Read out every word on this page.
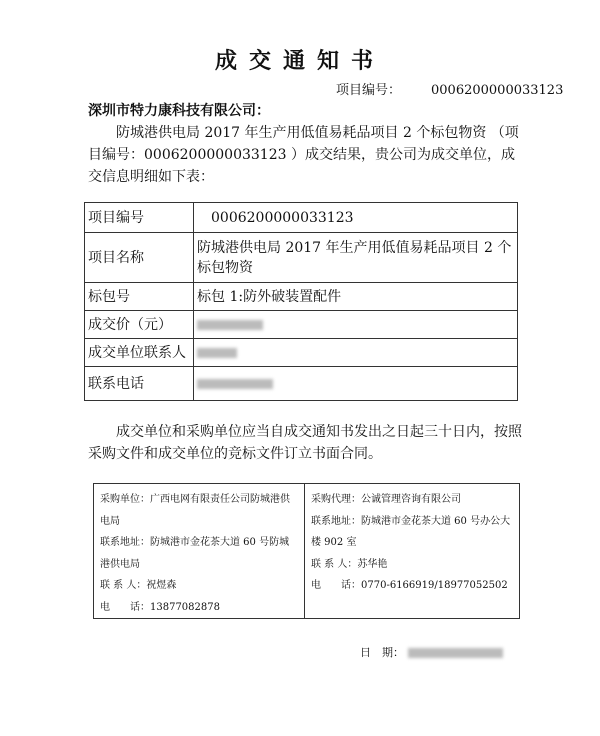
成交通知书
项目编号： 0006200000033123
深圳市特力康科技有限公司：
防城港供电局 2017 年生产用低值易耗品项目 2 个标包物资 （项目编号：0006200000033123 ）成交结果，贵公司为成交单位，成交信息明细如下表：
项目编号	　0006200000033123
项目名称	防城港供电局 2017 年生产用低值易耗品项目 2 个标包物资
标包号	标包 1:防外破装置配件
成交价（元）	
成交单位联系人	
联系电话	
成交单位和采购单位应当自成交通知书发出之日起三十日内，按照采购文件和成交单位的竞标文件订立书面合同。
采购单位：广西电网有限责任公司防城港供电局
联系地址：防城港市金花茶大道 60 号防城港供电局
联 系 人：祝煜森
电　　话：13877082878
采购代理：公诚管理咨询有限公司
联系地址：防城港市金花茶大道 60 号办公大楼 902 室
联 系 人：苏华艳
电　　话：0770-6166919/18977052502
日　期：
